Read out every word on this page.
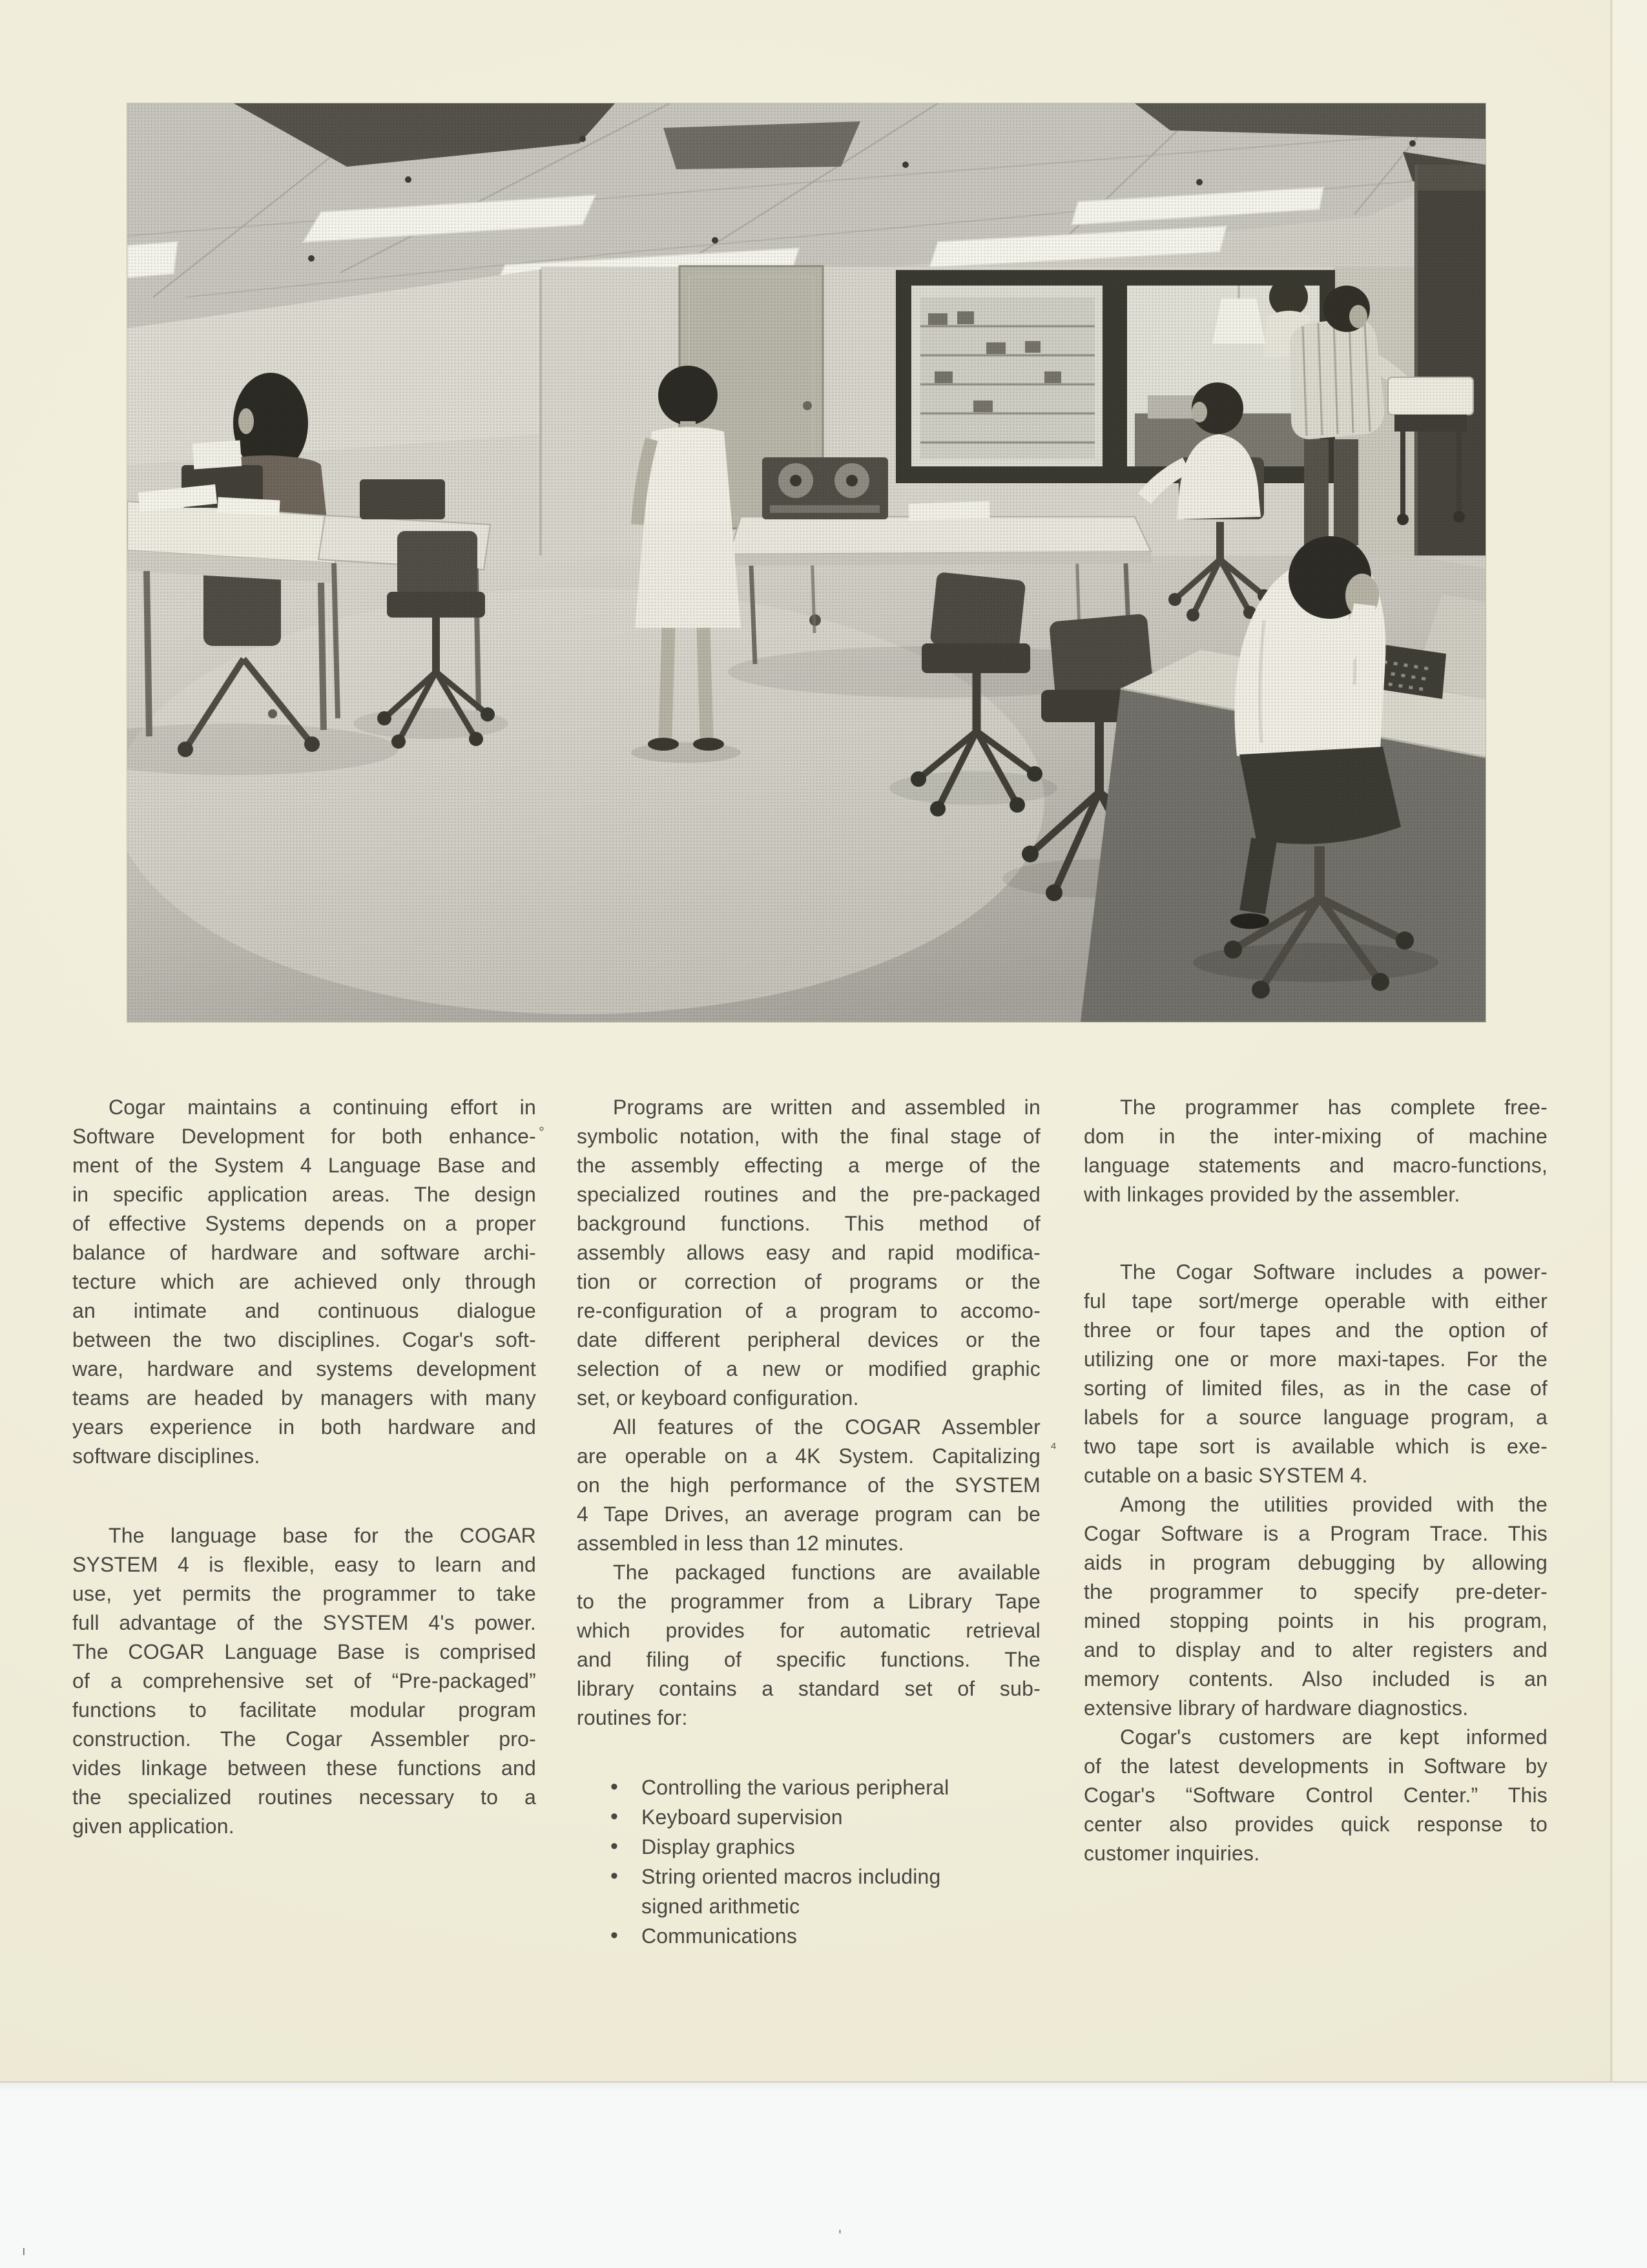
Cogar maintains a continuing effort in
Software Development for both enhance-
ment of the System 4 Language Base and
in specific application areas. The design
of effective Systems depends on a proper
balance of hardware and software archi-
tecture which are achieved only through
an intimate and continuous dialogue
between the two disciplines. Cogar's soft-
ware, hardware and systems development
teams are headed by managers with many
years experience in both hardware and
software disciplines.
The language base for the COGAR
SYSTEM 4 is flexible, easy to learn and
use, yet permits the programmer to take
full advantage of the SYSTEM 4's power.
The COGAR Language Base is comprised
of a comprehensive set of “Pre-packaged”
functions to facilitate modular program
construction. The Cogar Assembler pro-
vides linkage between these functions and
the specialized routines necessary to a
given application.
Programs are written and assembled in
symbolic notation, with the final stage of
the assembly effecting a merge of the
specialized routines and the pre-packaged
background functions. This method of
assembly allows easy and rapid modifica-
tion or correction of programs or the
re-configuration of a program to accomo-
date different peripheral devices or the
selection of a new or modified graphic
set, or keyboard configuration.
All features of the COGAR Assembler
are operable on a 4K System. Capitalizing
on the high performance of the SYSTEM
4 Tape Drives, an average program can be
assembled in less than 12 minutes.
The packaged functions are available
to the programmer from a Library Tape
which provides for automatic retrieval
and filing of specific functions. The
library contains a standard set of sub-
routines for:
• Controlling the various peripheral
• Keyboard supervision
• Display graphics
• String oriented macros including
signed arithmetic
• Communications
The programmer has complete free-
dom in the inter-mixing of machine
language statements and macro-functions,
with linkages provided by the assembler.
The Cogar Software includes a power-
ful tape sort/merge operable with either
three or four tapes and the option of
utilizing one or more maxi-tapes. For the
sorting of limited files, as in the case of
labels for a source language program, a
two tape sort is available which is exe-
cutable on a basic SYSTEM 4.
Among the utilities provided with the
Cogar Software is a Program Trace. This
aids in program debugging by allowing
the programmer to specify pre-deter-
mined stopping points in his program,
and to display and to alter registers and
memory contents. Also included is an
extensive library of hardware diagnostics.
Cogar's customers are kept informed
of the latest developments in Software by
Cogar's “Software Control Center.” This
center also provides quick response to
customer inquiries.
°
₄
'
ı
